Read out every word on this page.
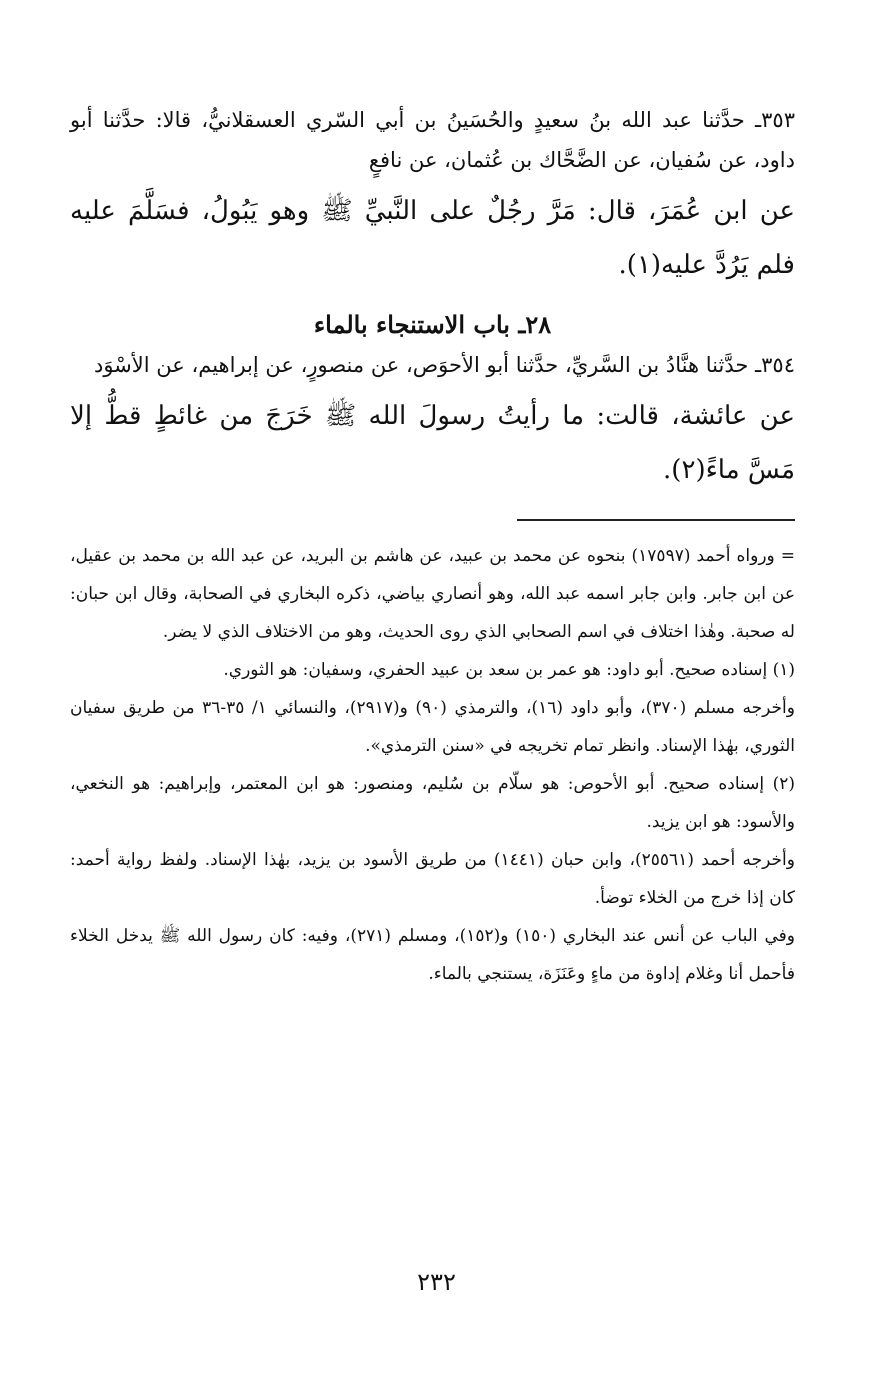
٣٥٣ـ حدَّثنا عبد الله بنُ سعيدٍ والحُسَينُ بن أبي السّري العسقلانيُّ، قالا: حدَّثنا أبو داود، عن سُفيان، عن الضَّحَّاك بن عُثمان، عن نافعٍ

عن ابن عُمَرَ، قال: مَرَّ رجُلٌ على النَّبيِّ ﷺ وهو يَبُولُ، فسَلَّمَ عليه فلم يَرُدَّ عليه(١).

٢٨ـ باب الاستنجاء بالماء

٣٥٤ـ حدَّثنا هنَّادُ بن السَّريِّ، حدَّثنا أبو الأحوَص، عن منصورٍ، عن إبراهيم، عن الأسْوَد

عن عائشة، قالت: ما رأيتُ رسولَ الله ﷺ خَرَجَ من غائطٍ قطُّ إلا مَسَّ ماءً(٢).

= ورواه أحمد (١٧٥٩٧) بنحوه عن محمد بن عبيد، عن هاشم بن البريد، عن عبد الله بن محمد بن عقيل، عن ابن جابر. وابن جابر اسمه عبد الله، وهو أنصاري بياضي، ذكره البخاري في الصحابة، وقال ابن حبان: له صحبة. وهٰذا اختلاف في اسم الصحابي الذي روى الحديث، وهو من الاختلاف الذي لا يضر.

(١) إسناده صحيح. أبو داود: هو عمر بن سعد بن عبيد الحفري، وسفيان: هو الثوري.

وأخرجه مسلم (٣٧٠)، وأبو داود (١٦)، والترمذي (٩٠) و(٢٩١٧)، والنسائي ١/ ٣٥-٣٦ من طريق سفيان الثوري، بهٰذا الإسناد. وانظر تمام تخريجه في «سنن الترمذي».

(٢) إسناده صحيح. أبو الأحوص: هو سلّام بن سُليم، ومنصور: هو ابن المعتمر، وإبراهيم: هو النخعي، والأسود: هو ابن يزيد.

وأخرجه أحمد (٢٥٥٦١)، وابن حبان (١٤٤١) من طريق الأسود بن يزيد، بهٰذا الإسناد. ولفظ رواية أحمد: كان إذا خرج من الخلاء توضأ.

وفي الباب عن أنس عند البخاري (١٥٠) و(١٥٢)، ومسلم (٢٧١)، وفيه: كان رسول الله ﷺ يدخل الخلاء فأحمل أنا وغلام إداوة من ماءٍ وعَنَزَة، يستنجي بالماء.

٢٣٢
